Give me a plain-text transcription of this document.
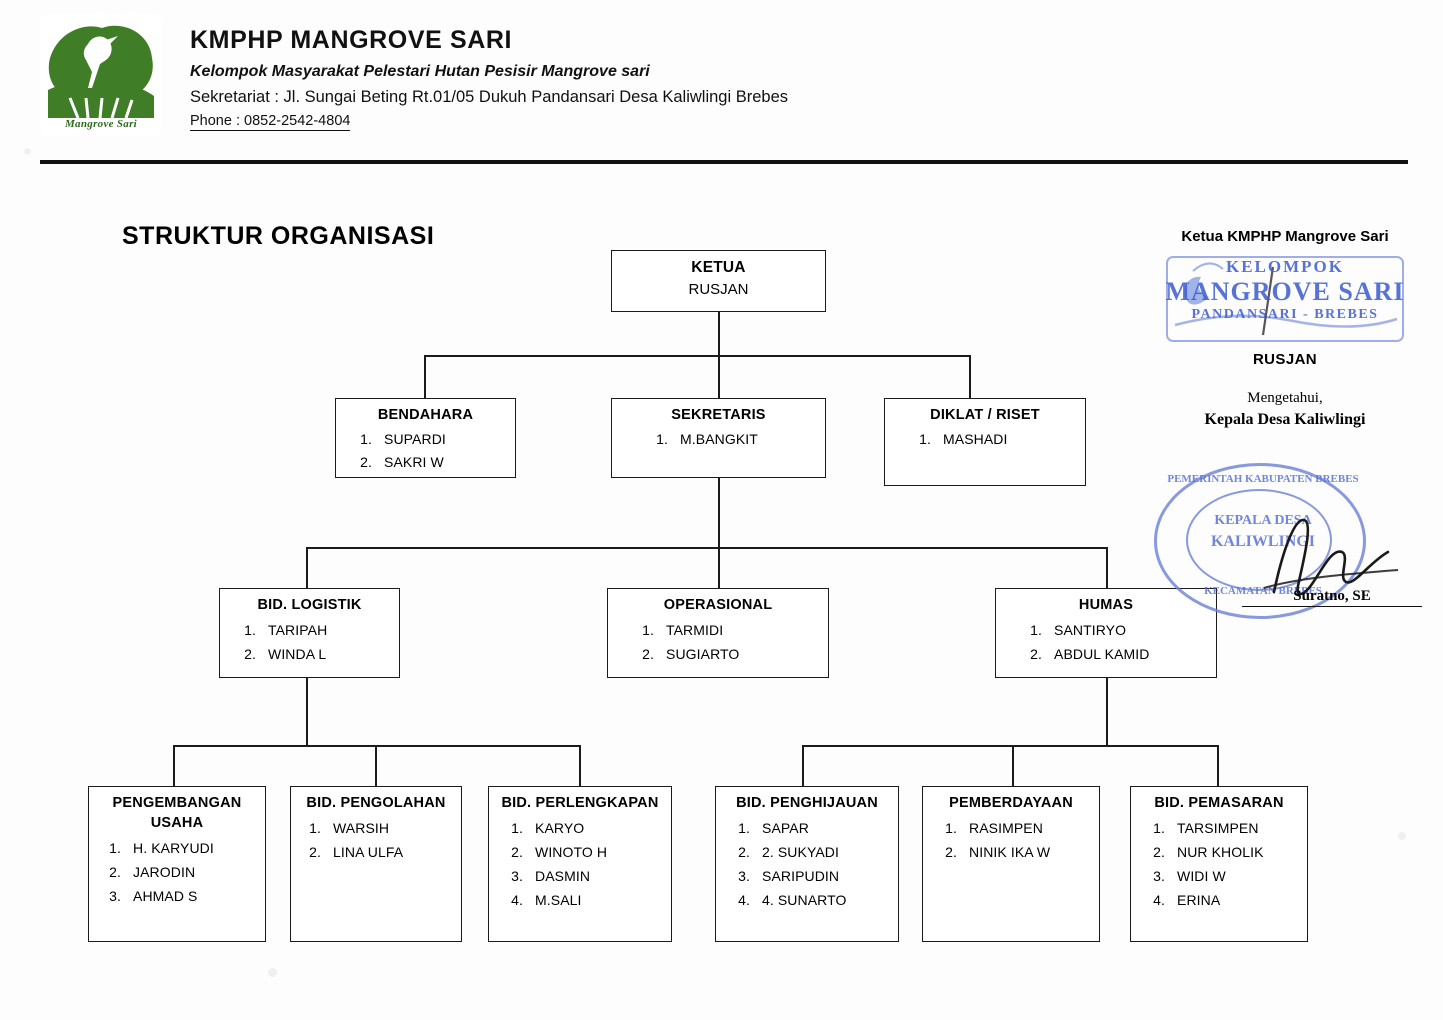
Mangrove Sari
KMPHP MANGROVE SARI
Kelompok Masyarakat Pelestari Hutan Pesisir Mangrove sari
Sekretariat : Jl. Sungai Beting Rt.01/05 Dukuh Pandansari Desa Kaliwlingi Brebes
Phone : 0852-2542-4804
STRUKTUR ORGANISASI
KETUA

RUSJAN

BENDAHARA
1. SUPARDI
2. SAKRI W
SEKRETARIS
1. M.BANGKIT
DIKLAT / RISET
1. MASHADI
BID. LOGISTIK
1. TARIPAH
2. WINDA L
OPERASIONAL
1. TARMIDI
2. SUGIARTO
HUMAS
1. SANTIRYO
2. ABDUL KAMID
PENGEMBANGAN
USAHA
1. H. KARYUDI
2. JARODIN
3. AHMAD S
BID. PENGOLAHAN
1. WARSIH
2. LINA ULFA
BID. PERLENGKAPAN
1. KARYO
2. WINOTO H
3. DASMIN
4. M.SALI
BID. PENGHIJAUAN
1. SAPAR
2. 2. SUKYADI
3. SARIPUDIN
4. 4. SUNARTO
PEMBERDAYAAN
1. RASIMPEN
2. NINIK IKA W
BID. PEMASARAN
1. TARSIMPEN
2. NUR KHOLIK
3. WIDI W
4. ERINA
Ketua KMPHP Mangrove Sari
KELOMPOK
MANGROVE SARI
PANDANSARI - BREBES
RUSJAN
Mengetahui,
Kepala Desa Kaliwlingi
PEMERINTAH KABUPATEN BREBES
KEPALA DESA
KALIWLINGI
KECAMATAN BREBES
Suratno, SE
